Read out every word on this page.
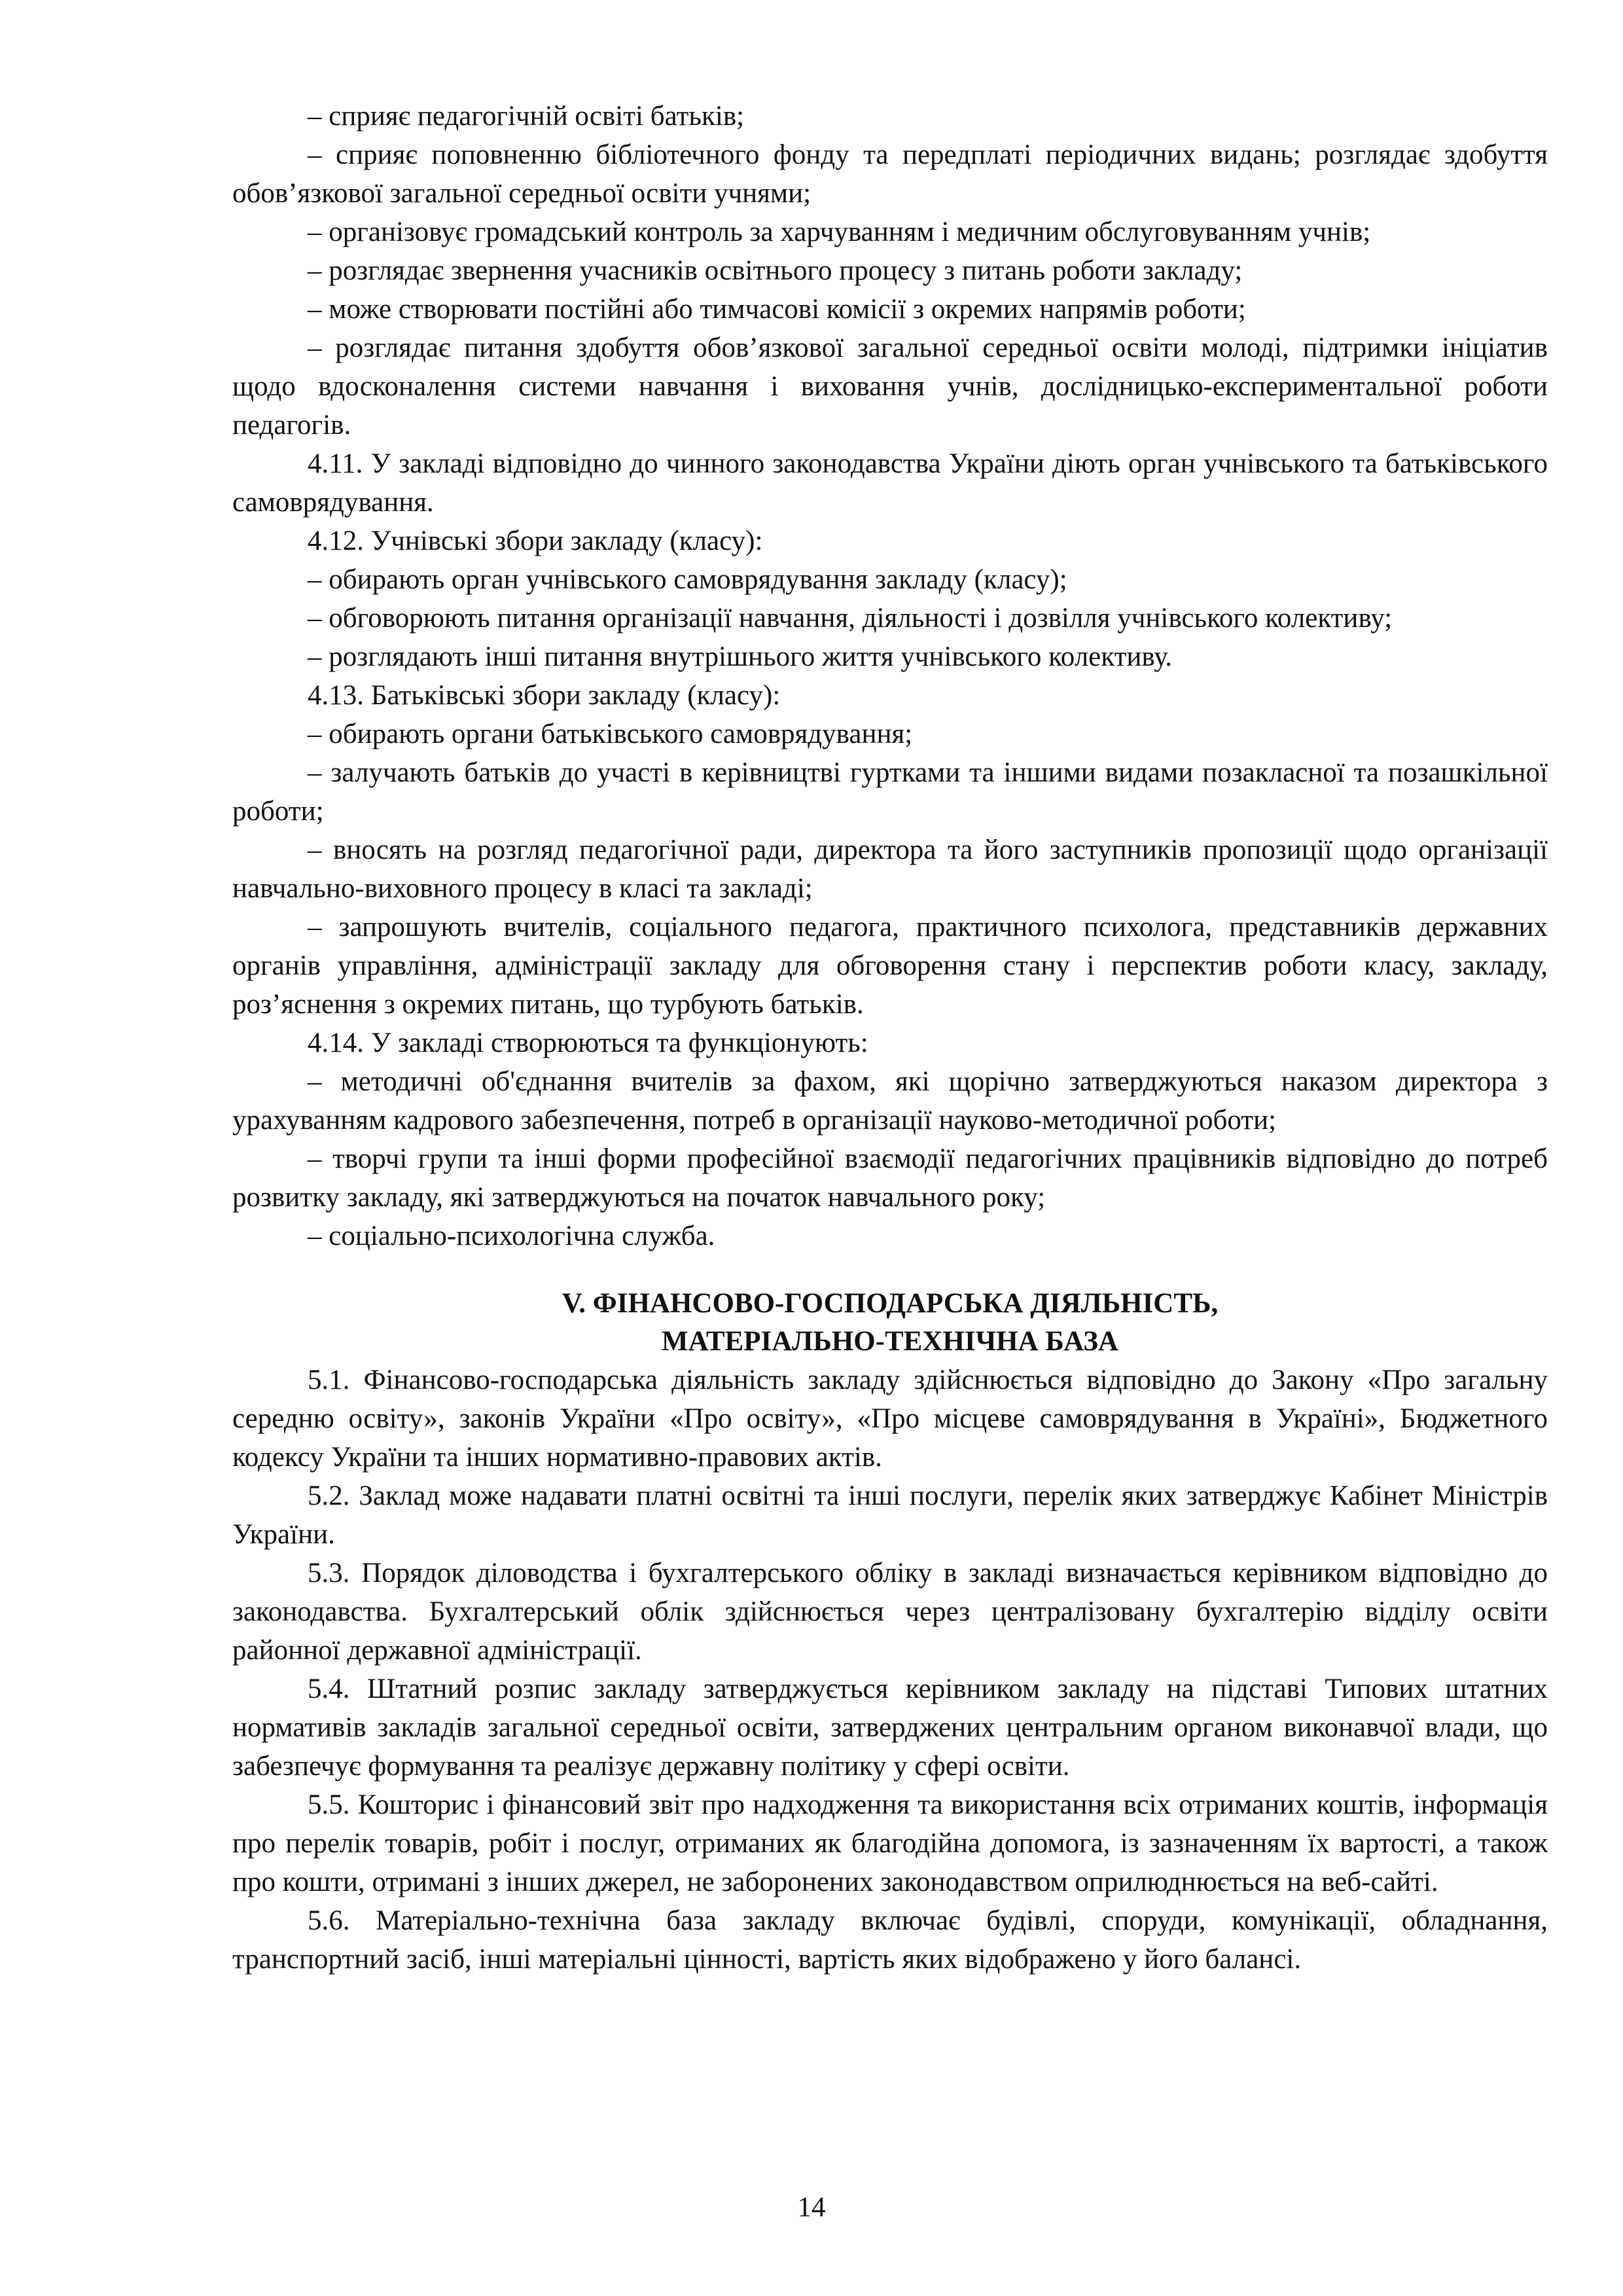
– сприяє педагогічній освіті батьків;

– сприяє поповненню бібліотечного фонду та передплаті періодичних видань; розглядає здобуття обов’язкової загальної середньої освіти учнями;

– організовує громадський контроль за харчуванням і медичним обслуговуванням учнів;

– розглядає звернення учасників освітнього процесу з питань роботи закладу;

– може створювати постійні або тимчасові комісії з окремих напрямів роботи;

– розглядає питання здобуття обов’язкової загальної середньої освіти молоді, підтримки ініціатив щодо вдосконалення системи навчання і виховання учнів, дослідницько-експериментальної роботи педагогів.

4.11. У закладі відповідно до чинного законодавства України діють орган учнівського та батьківського самоврядування.

4.12. Учнівські збори закладу (класу):

– обирають орган учнівського самоврядування закладу (класу);

– обговорюють питання організації навчання, діяльності і дозвілля учнівського колективу;

– розглядають інші питання внутрішнього життя учнівського колективу.

4.13. Батьківські збори закладу (класу):

– обирають органи батьківського самоврядування;

– залучають батьків до участі в керівництві гуртками та іншими видами позакласної та позашкільної роботи;

– вносять на розгляд педагогічної ради, директора та його заступників пропозиції щодо організації навчально-виховного процесу в класі та закладі;

– запрошують вчителів, соціального педагога, практичного психолога, представників державних органів управління, адміністрації закладу для обговорення стану і перспектив роботи класу, закладу, роз’яснення з окремих питань, що турбують батьків.

4.14. У закладі створюються та функціонують:

– методичні об'єднання вчителів за фахом, які щорічно затверджуються наказом директора з урахуванням кадрового забезпечення, потреб в організації науково-методичної роботи;

– творчі групи та інші форми професійної взаємодії педагогічних працівників відповідно до потреб розвитку закладу, які затверджуються на початок навчального року;

– соціально-психологічна служба.

V. ФІНАНСОВО-ГОСПОДАРСЬКА ДІЯЛЬНІСТЬ,
МАТЕРІАЛЬНО-ТЕХНІЧНА БАЗА

5.1. Фінансово-господарська діяльність закладу здійснюється відповідно до Закону «Про загальну середню освіту», законів України «Про освіту», «Про місцеве самоврядування в Україні», Бюджетного кодексу України та інших нормативно-правових актів.

5.2. Заклад може надавати платні освітні та інші послуги, перелік яких затверджує Кабінет Міністрів України.

5.3. Порядок діловодства і бухгалтерського обліку в закладі визначається керівником відповідно до законодавства. Бухгалтерський облік здійснюється через централізовану бухгалтерію відділу освіти районної державної адміністрації.

5.4. Штатний розпис закладу затверджується керівником закладу на підставі Типових штатних нормативів закладів загальної середньої освіти, затверджених центральним органом виконавчої влади, що забезпечує формування та реалізує державну політику у сфері освіти.

5.5. Кошторис і фінансовий звіт про надходження та використання всіх отриманих коштів, інформація про перелік товарів, робіт і послуг, отриманих як благодійна допомога, із зазначенням їх вартості, а також про кошти, отримані з інших джерел, не заборонених законодавством оприлюднюється на веб-сайті.

5.6. Матеріально-технічна база закладу включає будівлі, споруди, комунікації, обладнання, транспортний засіб, інші матеріальні цінності, вартість яких відображено у його балансі.

14
